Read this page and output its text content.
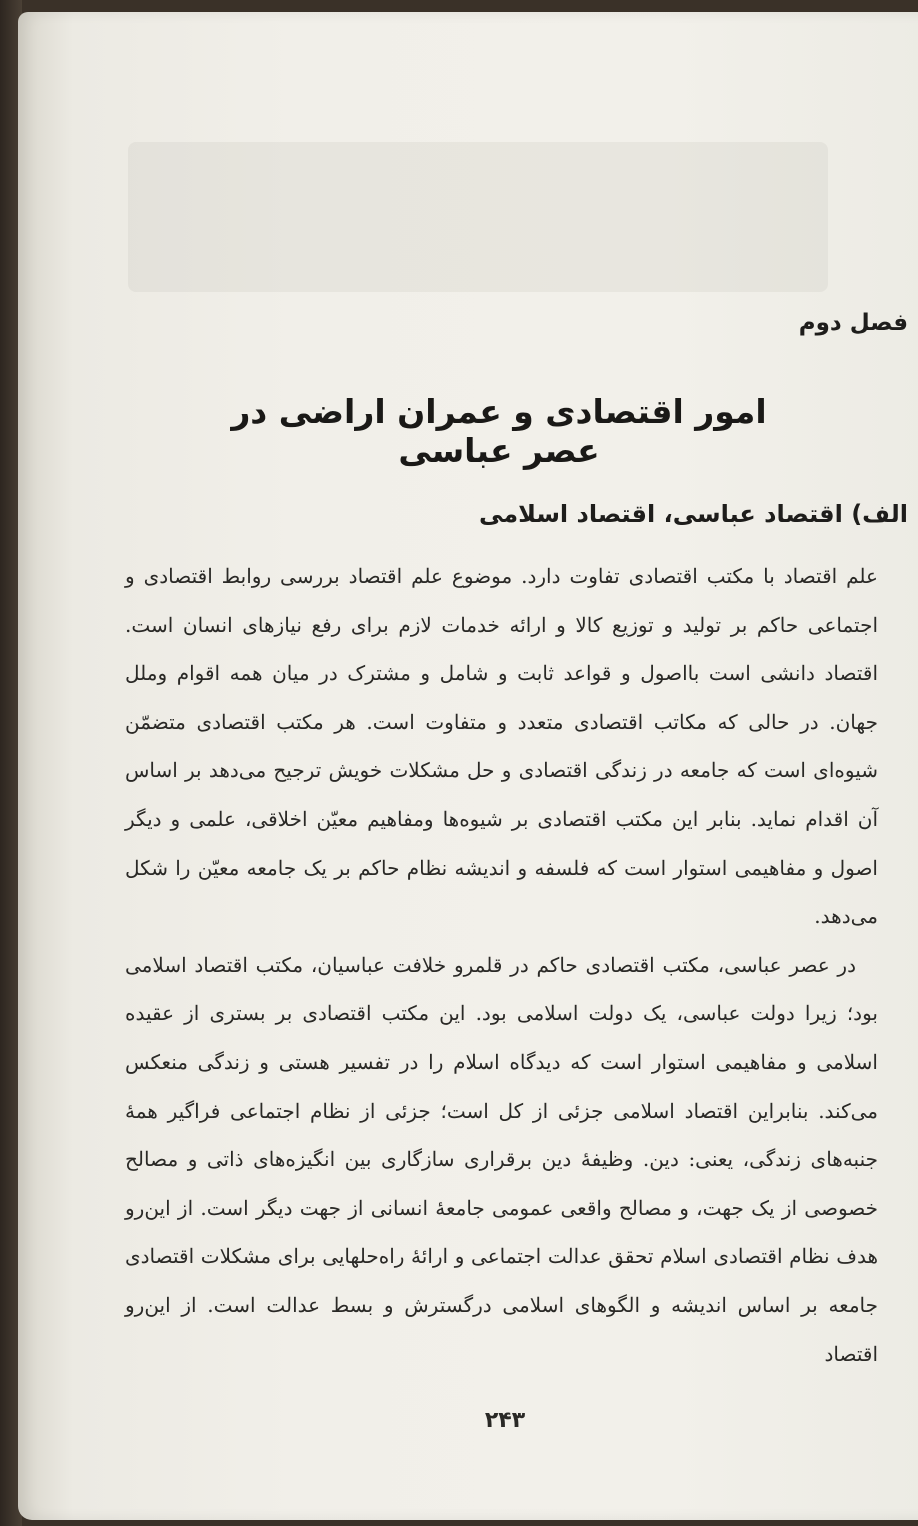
فصل دوم
امور اقتصادی و عمران اراضی در عصر عباسی
الف) اقتصاد عباسی، اقتصاد اسلامی

علم اقتصاد با مکتب اقتصادی تفاوت دارد. موضوع علم اقتصاد بررسی روابط اقتصادی و اجتماعی حاکم بر تولید و توزیع کالا و ارائه خدمات لازم برای رفع نیازهای انسان است. اقتصاد دانشی است بااصول و قواعد ثابت و شامل و مشترک در میان همه اقوام وملل جهان. در حالی که مکاتب اقتصادی متعدد و متفاوت است. هر مکتب اقتصادی متضمّن شیوه‌ای است که جامعه در زندگی اقتصادی و حل مشکلات خویش ترجیح می‌دهد بر اساس آن اقدام نماید. بنابر این مکتب اقتصادی بر شیوه‌ها ومفاهیم معیّن اخلاقی، علمی و دیگر اصول و مفاهیمی استوار است که فلسفه و اندیشه نظام حاکم بر یک جامعه معیّن را شکل می‌دهد.

در عصر عباسی، مکتب اقتصادی حاکم در قلمرو خلافت عباسیان، مکتب اقتصاد اسلامی بود؛ زیرا دولت عباسی، یک دولت اسلامی بود. این مکتب اقتصادی بر بستری از عقیده اسلامی و مفاهیمی استوار است که دیدگاه اسلام را در تفسیر هستی و زندگی منعکس می‌کند. بنابراین اقتصاد اسلامی جزئی از کل است؛ جزئی از نظام اجتماعی فراگیر همهٔ جنبه‌های زندگی، یعنی: دین. وظیفهٔ دین برقراری سازگاری بین انگیزه‌های ذاتی و مصالح خصوصی از یک جهت، و مصالح واقعی عمومی جامعهٔ انسانی از جهت دیگر است. از این‌رو هدف نظام اقتصادی اسلام تحقق عدالت اجتماعی و ارائهٔ راه‌حلهایی برای مشکلات اقتصادی جامعه بر اساس اندیشه و الگوهای اسلامی درگسترش و بسط عدالت است. از این‌رو اقتصاد

۲۴۳
